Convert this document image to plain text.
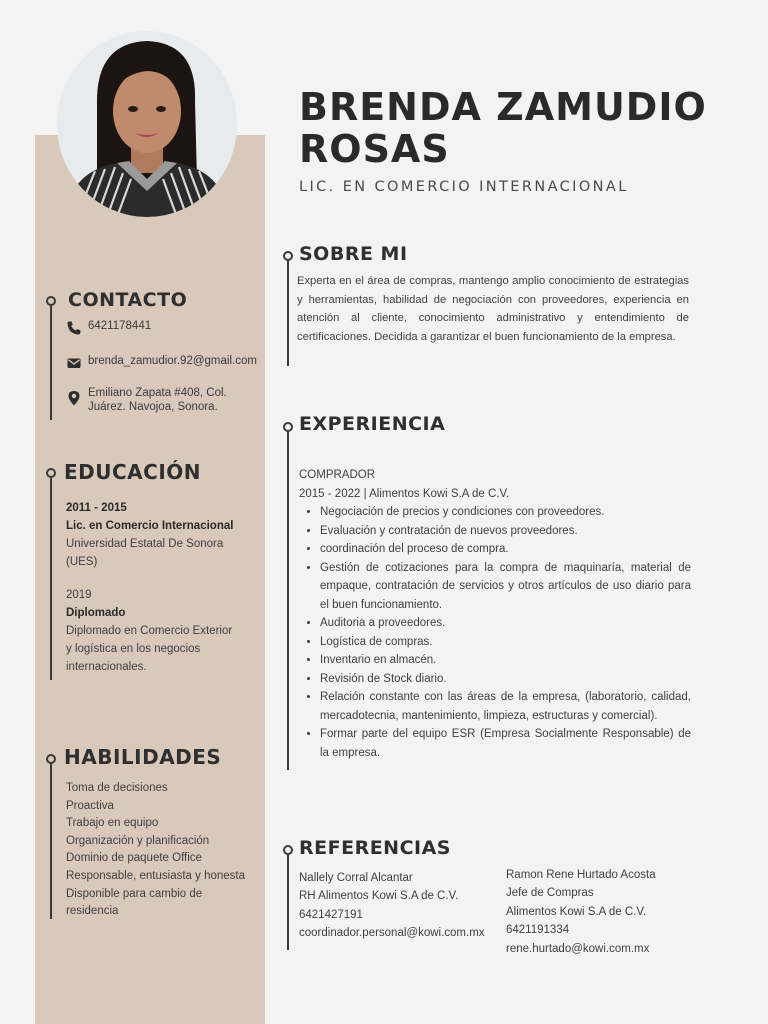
BRENDA ZAMUDIO
ROSAS
LIC. EN COMERCIO INTERNACIONAL
SOBRE MI

Experta en el área de compras, mantengo amplio conocimiento de estrategias y herramientas, habilidad de negociación con proveedores, experiencia en atención al cliente, conocimiento administrativo y entendimiento de certificaciones. Decidida a garantizar el buen funcionamiento de la empresa.

CONTACTO
6421178441
brenda_zamudior.92@gmail.com
Emiliano Zapata #408, Col.
Juárez. Navojoa, Sonora.
EDUCACIÓN
2011 - 2015
Lic. en Comercio Internacional
Universidad Estatal De Sonora
(UES)
2019
Diplomado
Diplomado en Comercio Exterior
y logística en los negocios
internacionales.
HABILIDADES
Toma de decisiones
Proactiva
Trabajo en equipo
Organización y planificación
Dominio de paquete Office
Responsable, entusiasta y honesta
Disponible para cambio de
residencia
EXPERIENCIA
COMPRADOR
2015 - 2022 | Alimentos Kowi S.A de C.V.
• Negociación de precios y condiciones con proveedores.
• Evaluación y contratación de nuevos proveedores.
• coordinación del proceso de compra.
• Gestión de cotizaciones para la compra de maquinaría, material de empaque, contratación de servicios y otros artículos de uso diario para el buen funcionamiento.
• Auditoria a proveedores.
• Logística de compras.
• Inventario en almacén.
• Revisión de Stock diario.
• Relación constante con las áreas de la empresa, (laboratorio, calidad, mercadotecnia, mantenimiento, limpieza, estructuras y comercial).
• Formar parte del equipo ESR (Empresa Socialmente Responsable) de la empresa.
REFERENCIAS
Nallely Corral Alcantar
RH Alimentos Kowi S.A de C.V.
6421427191
coordinador.personal@kowi.com.mx
Ramon Rene Hurtado Acosta
Jefe de Compras
Alimentos Kowi S.A de C.V.
6421191334
rene.hurtado@kowi.com.mx
